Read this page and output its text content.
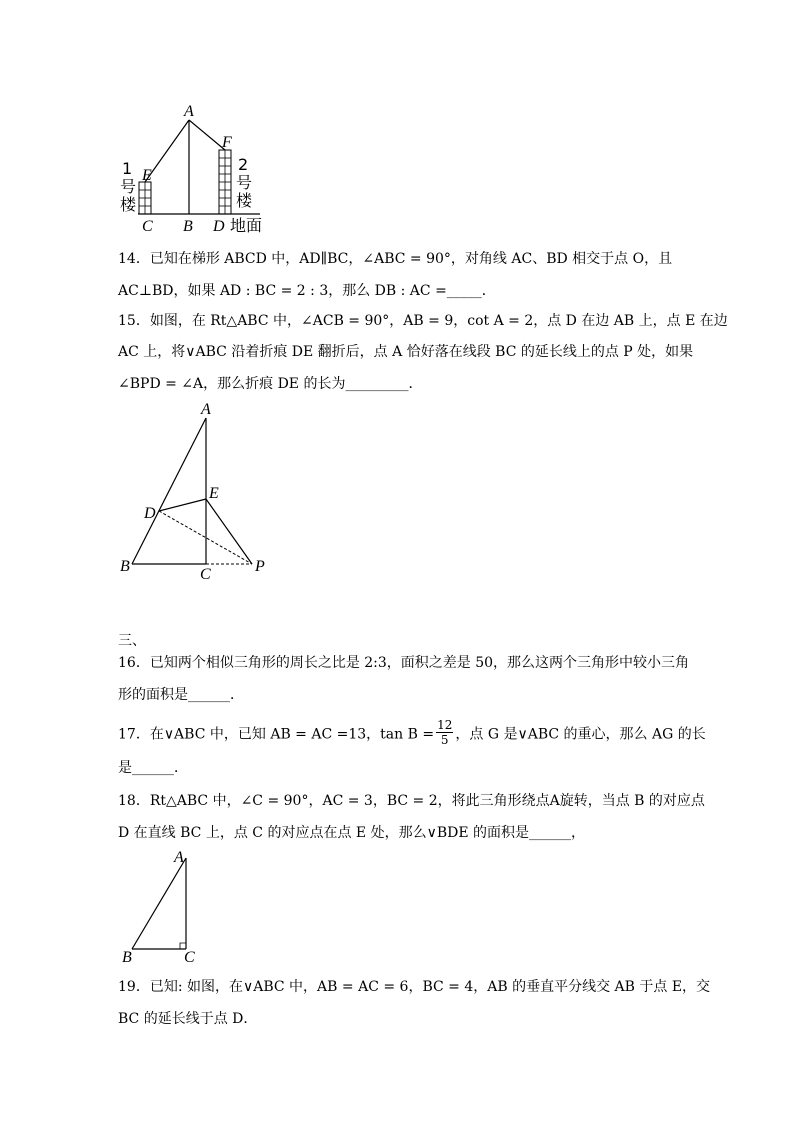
A
E
F
C B D
1
号
楼
2
号
楼
地面
14．已知在梯形 ABCD 中，AD∥BC，∠ABC = 90°，对角线 AC、BD 相交于点 O，且
AC⊥BD，如果 AD : BC = 2 : 3，那么 DB : AC =_____．
15．如图，在 Rt△ABC 中，∠ACB = 90°，AB = 9，cot A = 2，点 D 在边 AB 上，点 E 在边
AC 上，将∨ABC 沿着折痕 DE 翻折后，点 A 恰好落在线段 BC 的延长线上的点 P 处，如果
∠BPD = ∠A，那么折痕 DE 的长为_________．
A
E
D
B	C	P
三、
16．已知两个相似三角形的周长之比是 2:3，面积之差是 50，那么这两个三角形中较小三角
形的面积是______．
17．在∨ABC 中，已知 AB = AC =13，$\tan B = \frac{12}{5}$ ，点 G 是∨ABC 的重心，那么 AG 的长
是______．
18．Rt△ABC 中，∠C = 90°，AC = 3，BC = 2，将此三角形绕点A旋转，当点 B 的对应点
D 在直线 BC 上，点 C 的对应点在点 E 处，那么∨BDE 的面积是______，
A
B	C
19．已知: 如图，在∨ABC 中，AB = AC = 6，BC = 4，AB 的垂直平分线交 AB 于点 E，交
BC 的延长线于点 D．
